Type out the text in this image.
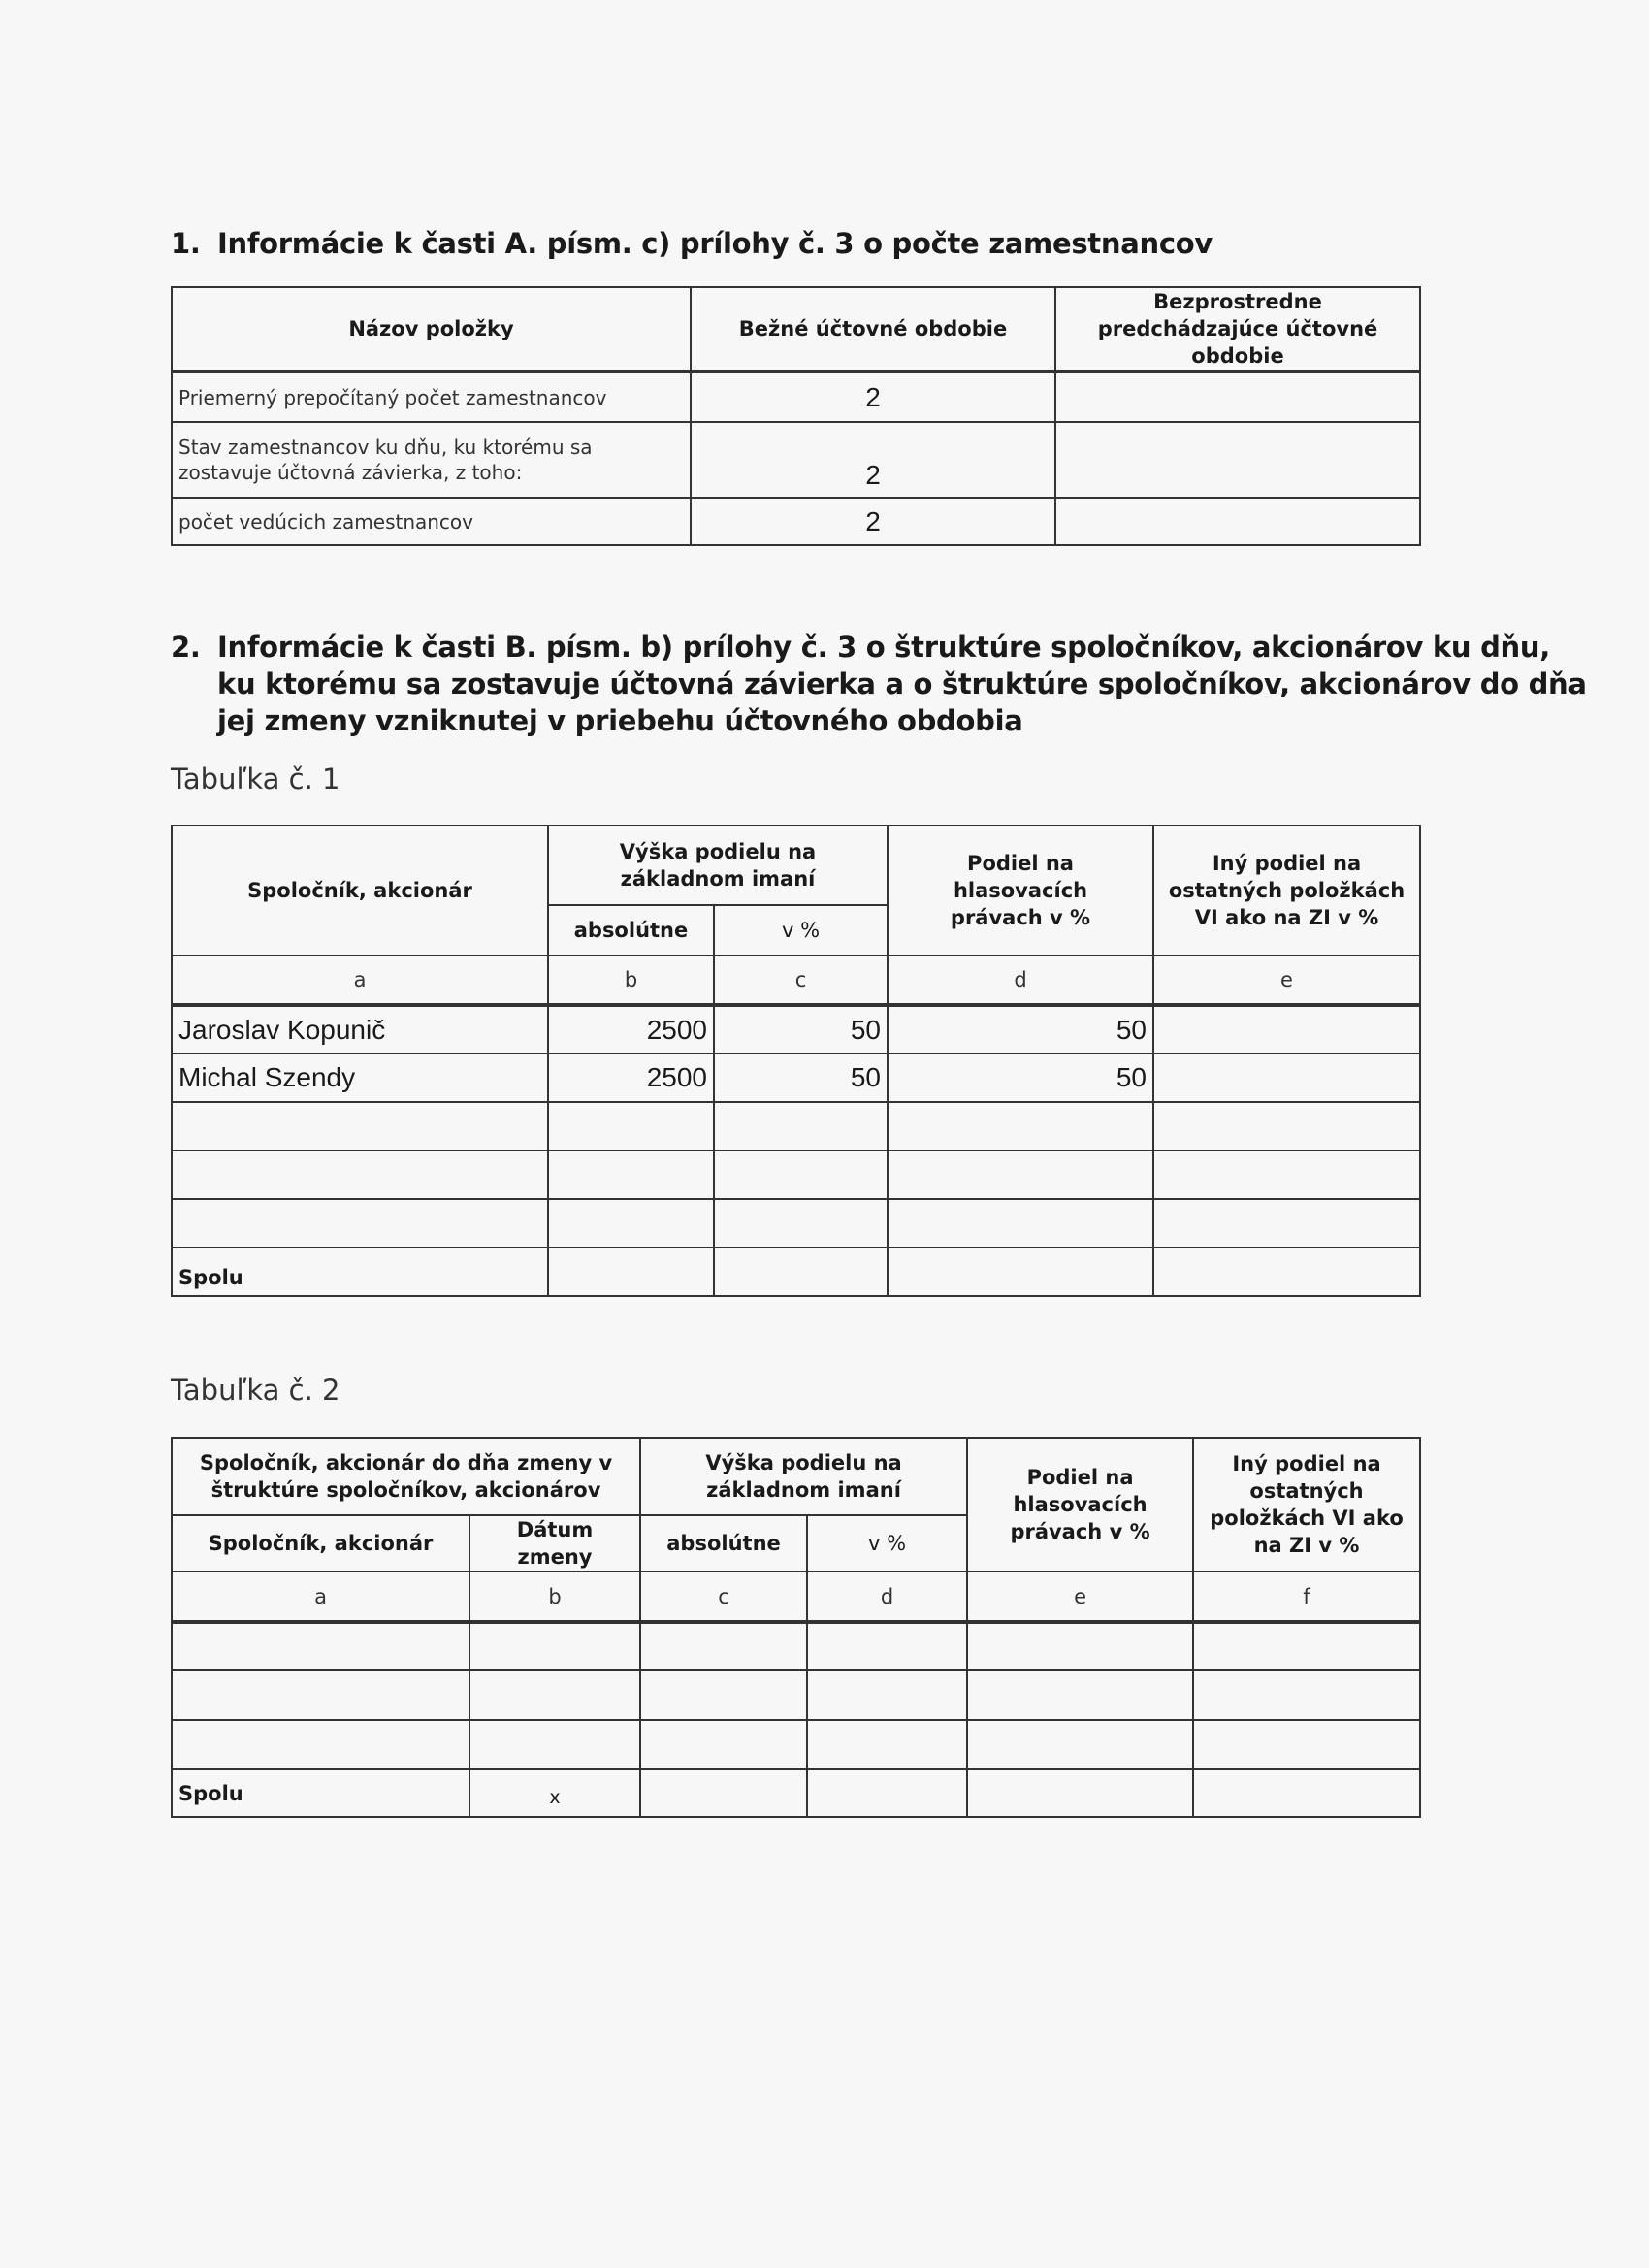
1. Informácie k časti A. písm. c) prílohy č. 3 o počte zamestnancov
Názov položky	Bežné účtovné obdobie	Bezprostredne predchádzajúce účtovné obdobie
Priemerný prepočítaný počet zamestnancov	2	
Stav zamestnancov ku dňu, ku ktorému sa zostavuje účtovná závierka, z toho:	2	
počet vedúcich zamestnancov	2	
2. Informácie k časti B. písm. b) prílohy č. 3 o štruktúre spoločníkov, akcionárov ku dňu,
ku ktorému sa zostavuje účtovná závierka a o štruktúre spoločníkov, akcionárov do dňa
jej zmeny vzniknutej v priebehu účtovného obdobia
Tabuľka č. 1
Spoločník, akcionár	Výška podielu na základnom imaní		Podiel na hlasovacích právach v %	Iný podiel na ostatných položkách VI ako na ZI v %
	absolútne	v %		
a	b	c	d	e
Jaroslav Kopunič	2500	50	50	
Michal Szendy	2500	50	50	

Spolu				
Tabuľka č. 2
Spoločník, akcionár do dňa zmeny v štruktúre spoločníkov, akcionárov		Výška podielu na základnom imaní		Podiel na hlasovacích právach v %	Iný podiel na ostatných položkách VI ako na ZI v %
Spoločník, akcionár	Dátum zmeny	absolútne	v %		
a	b	c	d	e	f

Spolu	x				
